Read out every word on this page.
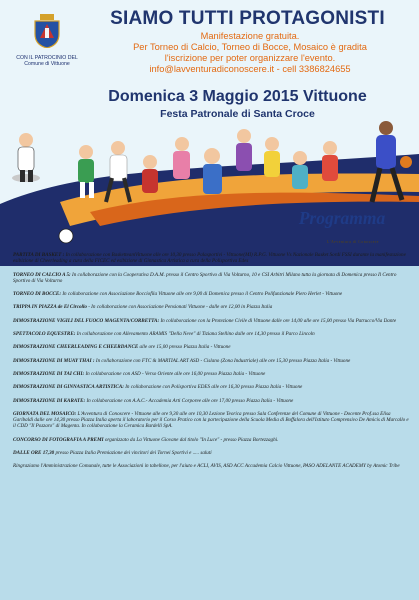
CON IL PATROCINIO DEL Comune di Vittuone
SIAMO TUTTI PROTAGONISTI
Manifestazione gratuita.
Per Torneo di Calcio, Torneo di Bocce, Mosaico è gradita
l'iscrizione per poter organizzare l'evento.
info@lavventuradiconoscere.it - cell 3386824655
Domenica 3 Maggio 2015 Vittuone
Festa Patronale di Santa Croce
Programma
L'Avventura di Conoscere
PARTITA DI BASKET : In collaborazione con BasketteamVittuone alle ore 10,30 presso Palasportivi - Vittuone(MI) R.P.G. Vittuone Vs Nazionale Basket Sordi FSSI durante la manifestazione esibizione di Cheerleading a cura della FICEC ed esibizione di Ginnastica Artistica a cura della Polisportiva Edes
TORNEO DI CALCIO A 5: In collaborazione con la Cooperativa D.A.M. presso il Centro Sportivo di Via Volturno, 10 e CSI Arbitri Milano tutta la giornata di Domenica presso Il Centro Sportivo di Via Volturno
TORNEO DI BOCCE: In collaborazione con Associazione Bocciofila Vittuone alle ore 9,00 di Domenica presso il Centro Polifunzionale Piero Herlet - Vittuone
TRIPPA IN PIAZZA de El Circollo - In collaborazione con Associazione Pensionati Vittuone - dalle ore 12,00 in Piazza Italia
DIMOSTRAZIONE VIGILI DEL FUOCO MAGENTA/CORBETTA: In collaborazione con la Protezione Civile di Vittuone dalle ore 14,00 alle ore 15,00 presso Via Patrucco/Via Dante
SPETTACOLO EQUESTRE: In collaborazione con Allevamento ARAMIS "Della Neve" di Tiziana Stellino dalle ore 14,30 presso il Parco Lincoln
DIMOSTRAZIONE CHEERLEADING E CHEERDANCE alle ore 15,00 presso Piazza Italia - Vittuone
DIMOSTRAZIONE DI MUAY THAI : In collaborazione con FTC & MARTIAL ART ASD - Cislano (Zona Industriale) alle ore 15,30 presso Piazza Italia - Vittuone
DIMOSTRAZIONE DI TAI CHI: In collaborazione con ASD - Verso Oriente alle ore 16,00 presso Piazza Italia - Vittuone
DIMOSTRAZIONE DI GINNASTICA ARTISTICA: In collaborazione con Polisportiva EDES alle ore 16,30 presso Piazza Italia - Vittuone
DIMOSTRAZIONE DI KARATE: In collaborazione con A.A.C.- Accademia Arti Corporee alle ore 17,00 presso Piazza Italia - Vittuone
GIORNATA DEL MOSAICO: L'Avventura di Conoscere - Vittuone alle ore 9,30 alle ore 10,30 Lezione Teorica presso Sala Conferenze del Comune di Vittuone - Docente Prof.ssa Elisa Garibaldi dalle ore 14,30 presso Piazza Italia aperta il laboratorio per il Corso Pratico con la partecipazione della Scuola Media di Boffalora dell'Istituto Comprensivo De Amicis di Marcallo e il CDD "Il Pozzaro" di Magenta. In collaborazione la Ceramica Bardelli SpA.
CONCORSO DI FOTOGRAFIA A PREMI organizzato da La Vittuone Giovane dal titolo "In Luce" - presso Piazza Bortezzaghi.
DALLE ORE 17,30 presso Piazza Italia Premiazione dei vincitori dei Tornei Sportivi e ..... saluti
Ringraziamo l'Amministrazione Comunale, tutte le Associazioni in tabellone, per l'aiuto e ACLI, AVIS, ASD ACC Accademia Calcio Vittuone, PASO ADELANTE ACADEMY by Atomic Tribe
